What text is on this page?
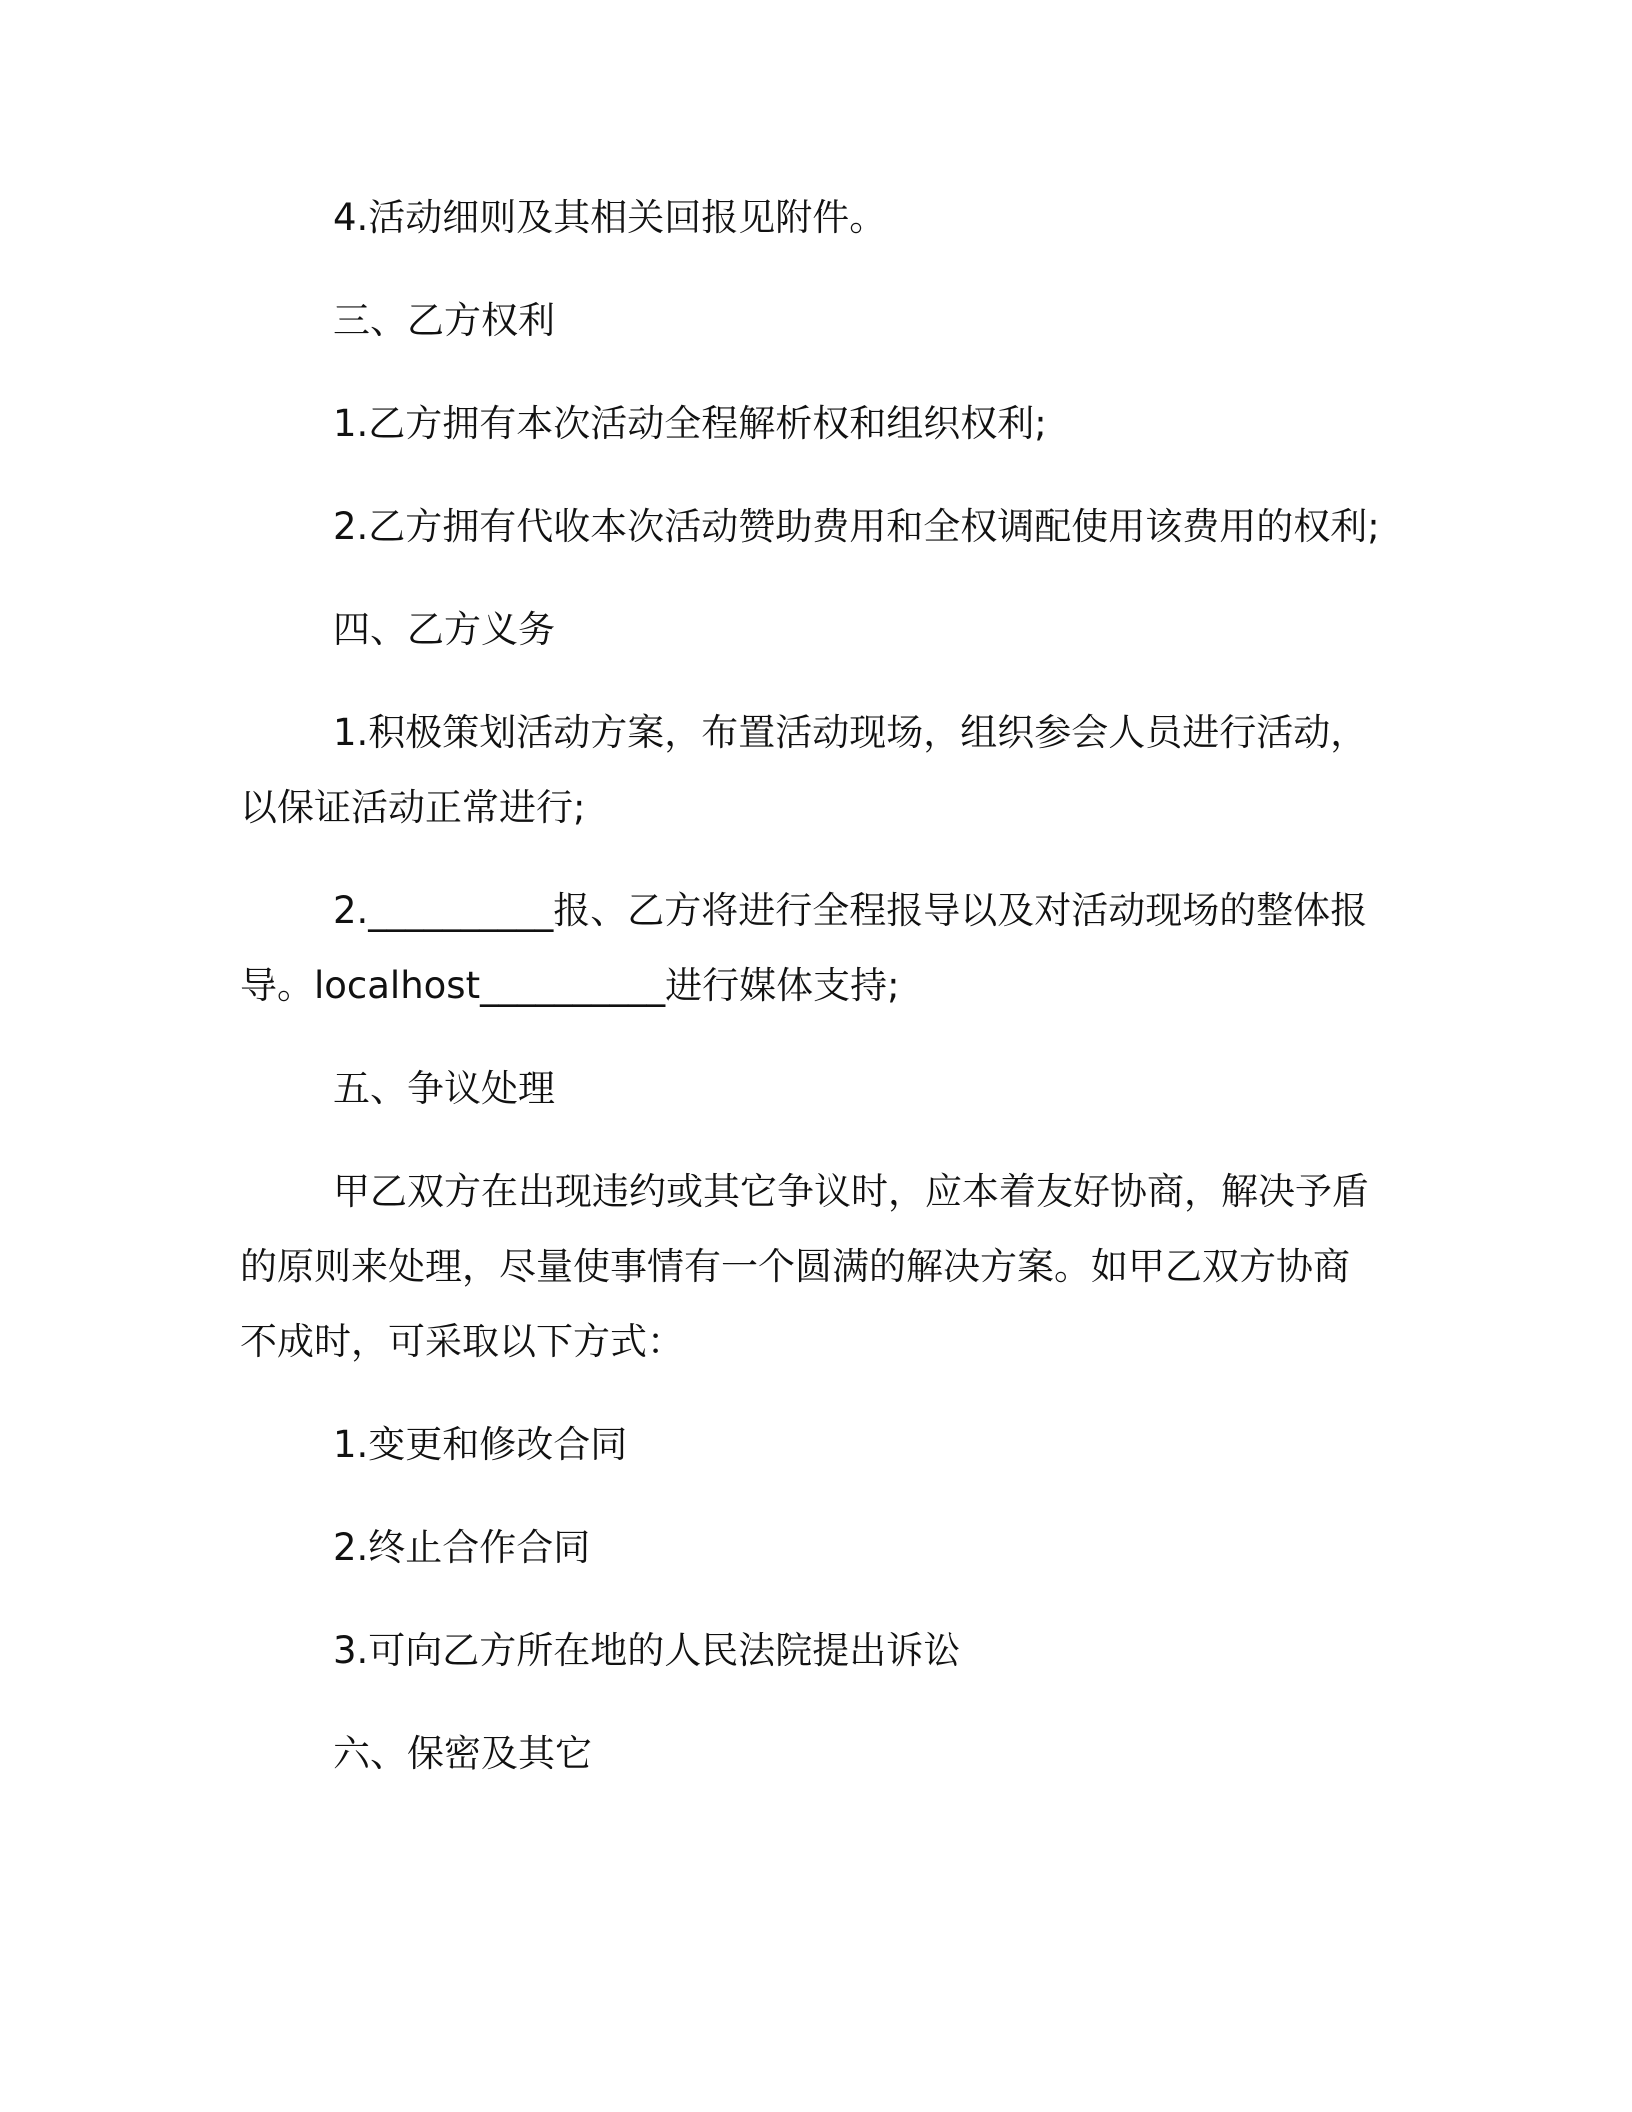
4.活动细则及其相关回报见附件。

三、乙方权利

1.乙方拥有本次活动全程解析权和组织权利;

2.乙方拥有代收本次活动赞助费用和全权调配使用该费用的权利;

四、乙方义务

1.积极策划活动方案，布置活动现场，组织参会人员进行活动，

以保证活动正常进行;

2.__________报、乙方将进行全程报导以及对活动现场的整体报

导。localhost__________进行媒体支持;

五、争议处理

甲乙双方在出现违约或其它争议时，应本着友好协商，解决予盾

的原则来处理，尽量使事情有一个圆满的解决方案。如甲乙双方协商

不成时，可采取以下方式：

1.变更和修改合同

2.终止合作合同

3.可向乙方所在地的人民法院提出诉讼

六、保密及其它
